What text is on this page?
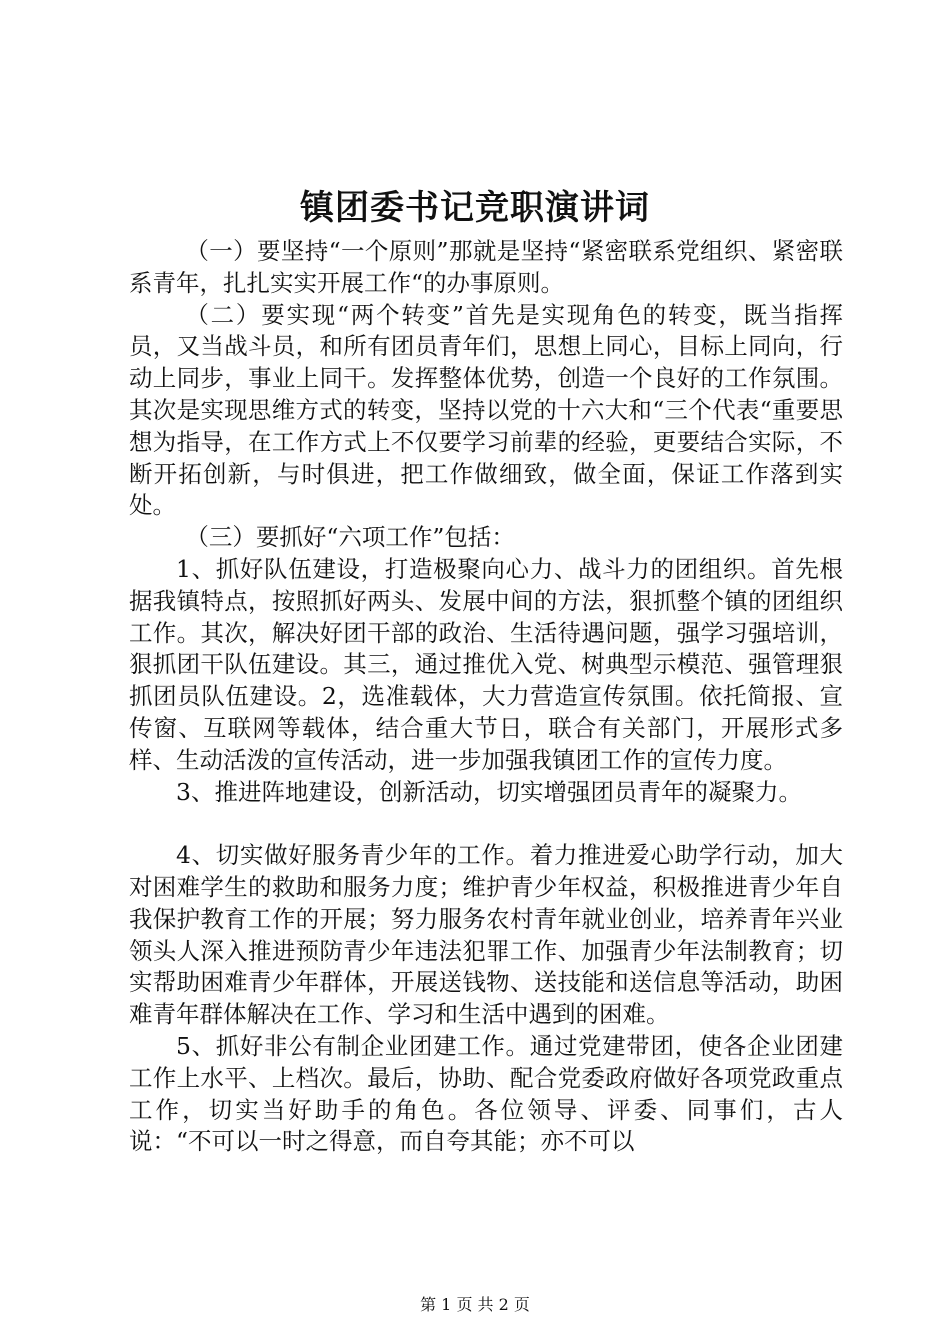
镇团委书记竞职演讲词

（一）要坚持“一个原则”那就是坚持“紧密联系党组织、紧密联系青年，扎扎实实开展工作“的办事原则。

（二）要实现“两个转变”首先是实现角色的转变，既当指挥员，又当战斗员，和所有团员青年们，思想上同心，目标上同向，行动上同步，事业上同干。发挥整体优势，创造一个良好的工作氛围。其次是实现思维方式的转变，坚持以党的十六大和“三个代表“重要思想为指导，在工作方式上不仅要学习前辈的经验，更要结合实际，不断开拓创新，与时俱进，把工作做细致，做全面，保证工作落到实处。

（三）要抓好“六项工作”包括：

1、抓好队伍建设，打造极聚向心力、战斗力的团组织。首先根据我镇特点，按照抓好两头、发展中间的方法，狠抓整个镇的团组织工作。其次，解决好团干部的政治、生活待遇问题，强学习强培训，狠抓团干队伍建设。其三，通过推优入党、树典型示模范、强管理狠抓团员队伍建设。2，选准载体，大力营造宣传氛围。依托简报、宣传窗、互联网等载体，结合重大节日，联合有关部门，开展形式多样、生动活泼的宣传活动，进一步加强我镇团工作的宣传力度。

3、推进阵地建设，创新活动，切实增强团员青年的凝聚力。

4、切实做好服务青少年的工作。着力推进爱心助学行动，加大对困难学生的救助和服务力度；维护青少年权益，积极推进青少年自我保护教育工作的开展；努力服务农村青年就业创业，培养青年兴业领头人深入推进预防青少年违法犯罪工作、加强青少年法制教育；切实帮助困难青少年群体，开展送钱物、送技能和送信息等活动，助困难青年群体解决在工作、学习和生活中遇到的困难。

5、抓好非公有制企业团建工作。通过党建带团，使各企业团建工作上水平、上档次。最后，协助、配合党委政府做好各项党政重点工作，切实当好助手的角色。各位领导、评委、同事们，古人说：“不可以一时之得意，而自夸其能；亦不可以

第 1 页 共 2 页
